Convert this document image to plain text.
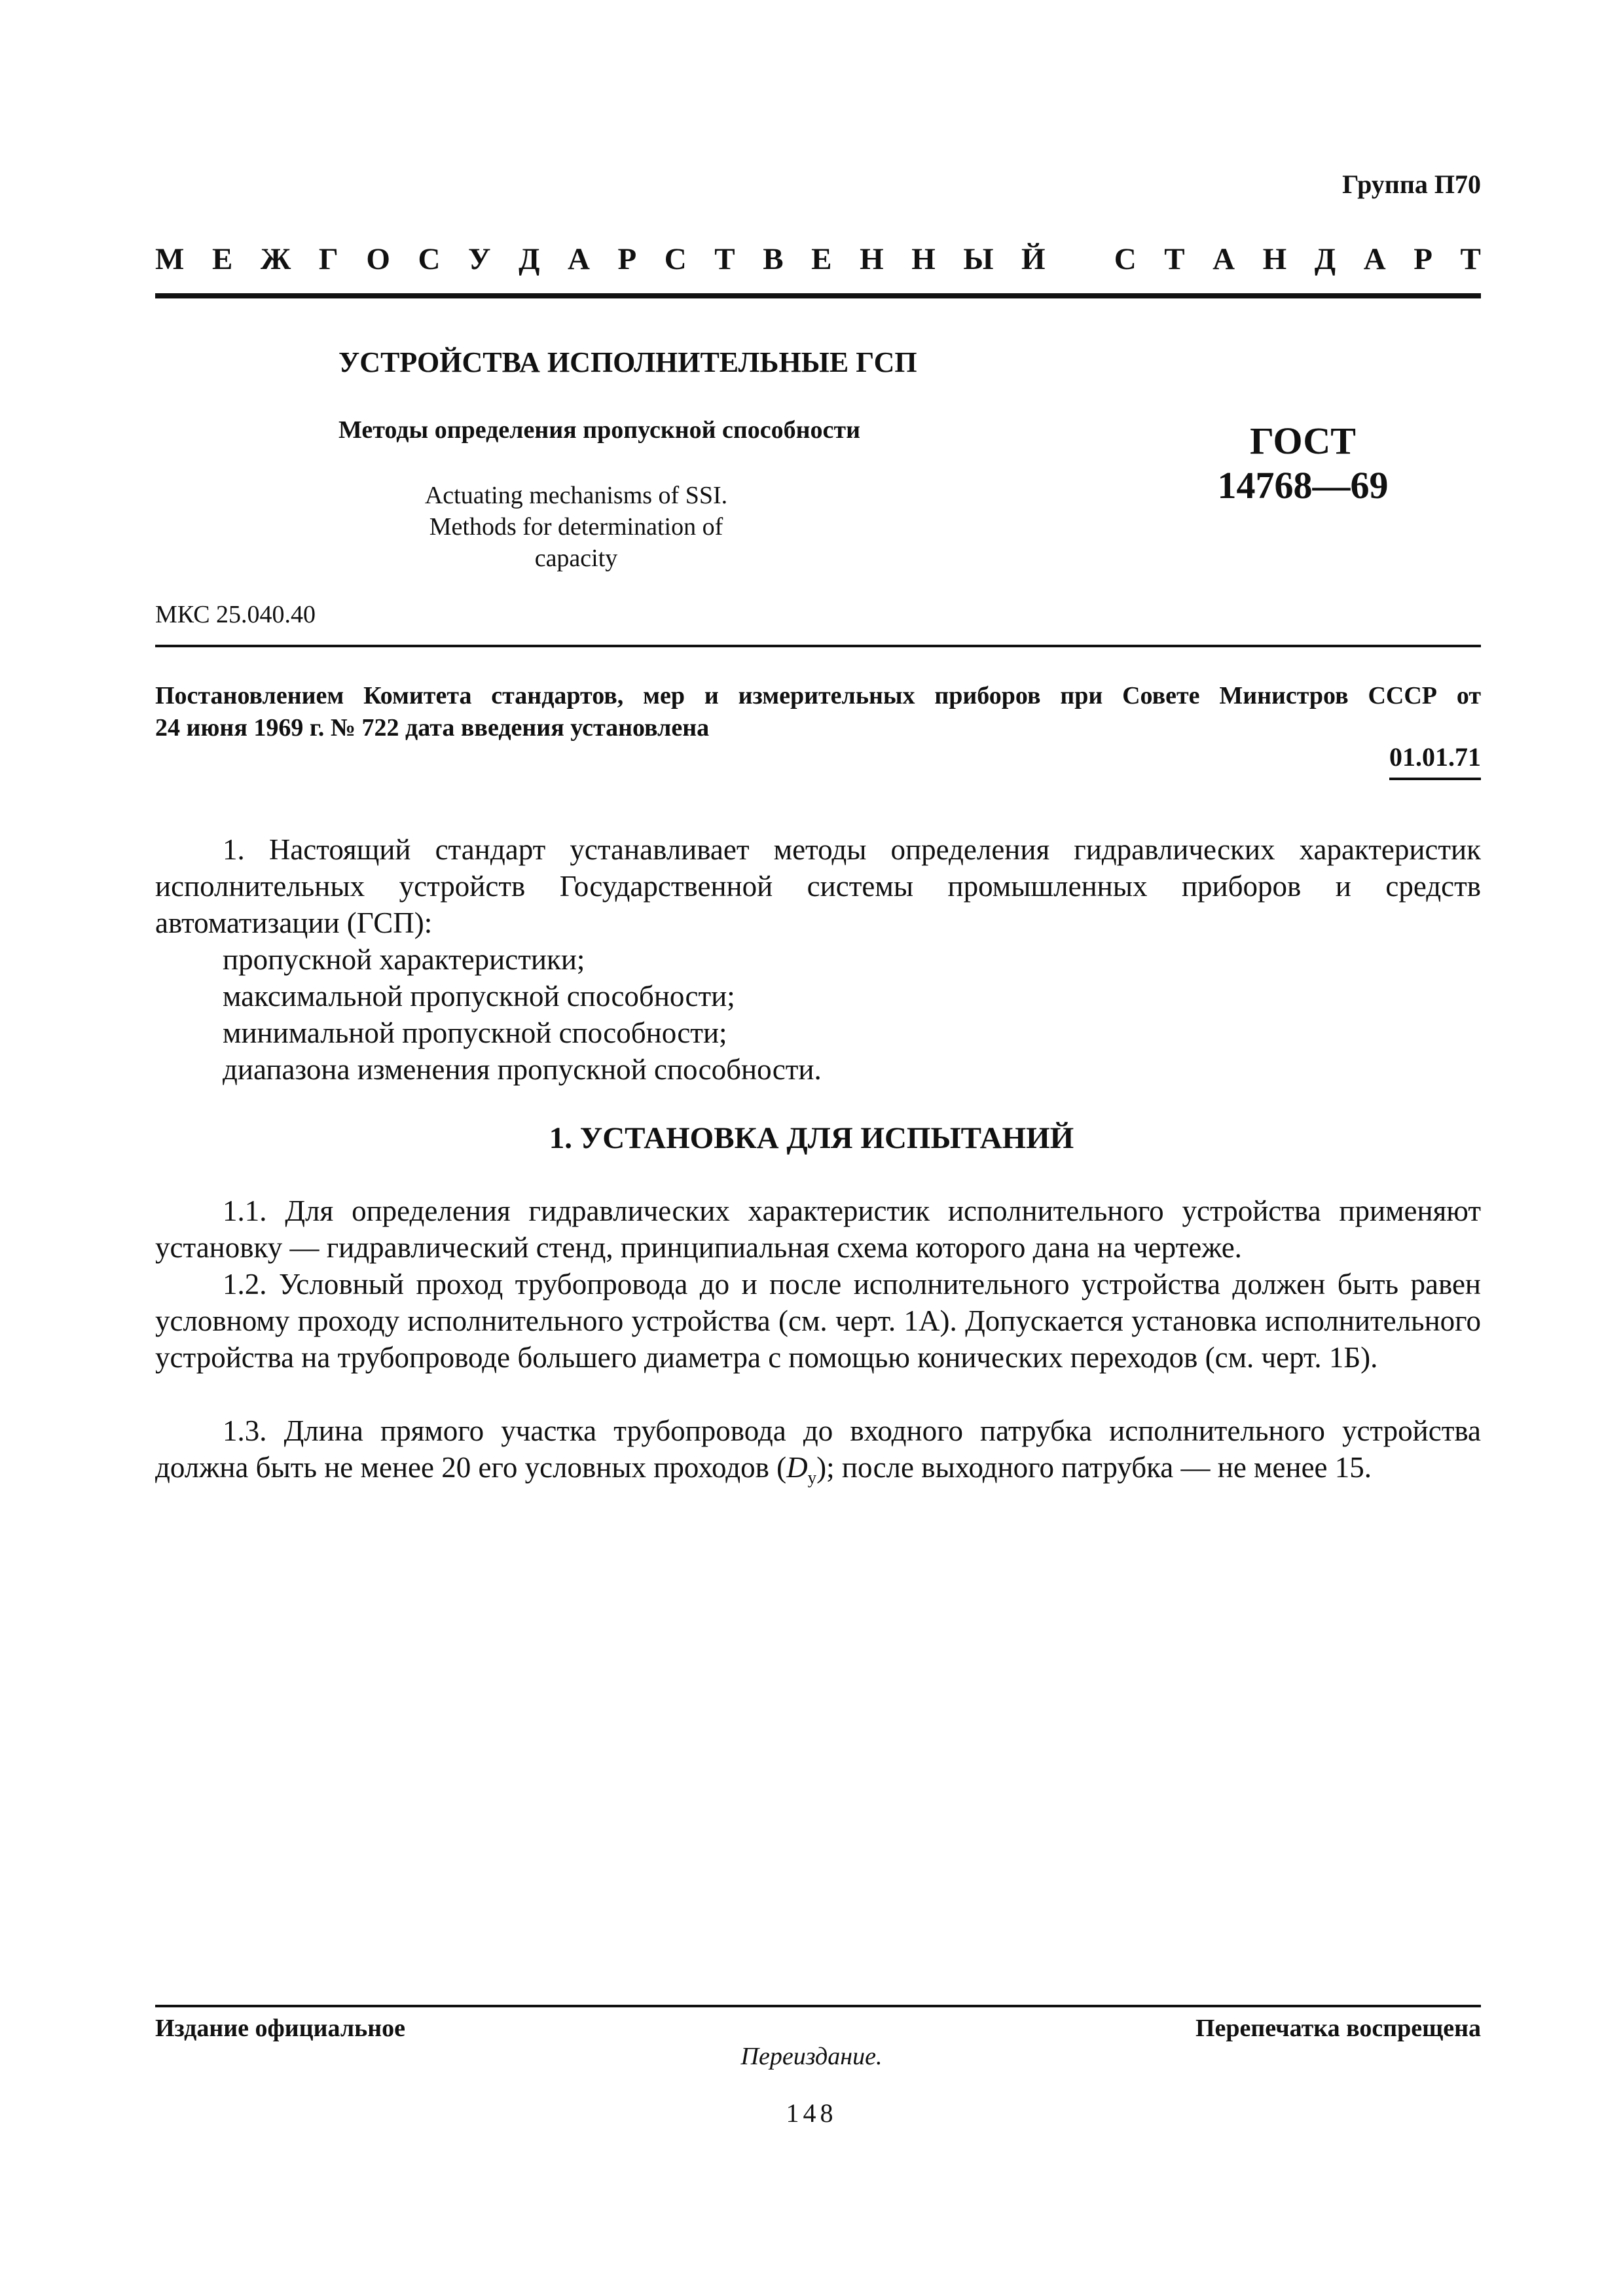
Группа П70
М Е Ж Г О С У Д А Р С Т В Е Н Н Ы Й С Т А Н Д А Р Т
УСТРОЙСТВА ИСПОЛНИТЕЛЬНЫЕ ГСП
Методы определения пропускной способности
Actuating mechanisms of SSI.
Methods for determination of capacity
ГОСТ
14768—69
МКС 25.040.40
Постановлением Комитета стандартов, мер и измерительных приборов при Совете Министров СССР от
24 июня 1969 г. № 722 дата введения установлена
01.01.71
1. Настоящий стандарт устанавливает методы определения гидравлических характеристик исполнительных устройств Государственной системы промышленных приборов и средств автоматизации (ГСП):
пропускной характеристики;
максимальной пропускной способности;
минимальной пропускной способности;
диапазона изменения пропускной способности.
1. УСТАНОВКА ДЛЯ ИСПЫТАНИЙ
1.1. Для определения гидравлических характеристик исполнительного устройства применяют установку — гидравлический стенд, принципиальная схема которого дана на чертеже.
1.2. Условный проход трубопровода до и после исполнительного устройства должен быть равен условному проходу исполнительного устройства (см. черт. 1А). Допускается установка исполнительного устройства на трубопроводе большего диаметра с помощью конических переходов (см. черт. 1Б).
1.3. Длина прямого участка трубопровода до входного патрубка исполнительного устройства должна быть не менее 20 его условных проходов $(D_у)$; после выходного патрубка — не менее 15.
Издание официальное	Перепечатка воспрещена
Переиздание.
148
